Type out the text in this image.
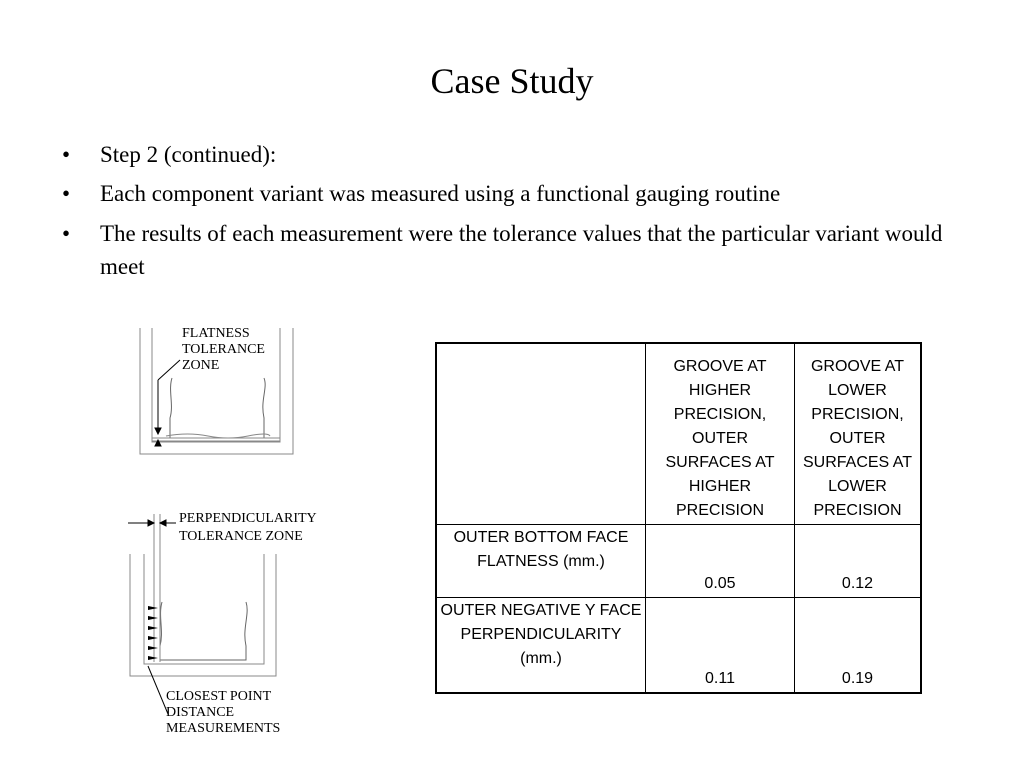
Case Study
• Step 2 (continued):
• Each component variant was measured using a functional gauging routine
• The results of each measurement were the tolerance values that the particular variant would meet
FLATNESS
TOLERANCE
ZONE
PERPENDICULARITY
TOLERANCE ZONE
CLOSEST POINT
DISTANCE
MEASUREMENTS
	GROOVE AT HIGHER PRECISION, OUTER SURFACES AT HIGHER PRECISION	GROOVE AT LOWER PRECISION, OUTER SURFACES AT LOWER PRECISION
OUTER BOTTOM FACE FLATNESS (mm.)	0.05	0.12
OUTER NEGATIVE Y FACE PERPENDICULARITY (mm.)	0.11	0.19
